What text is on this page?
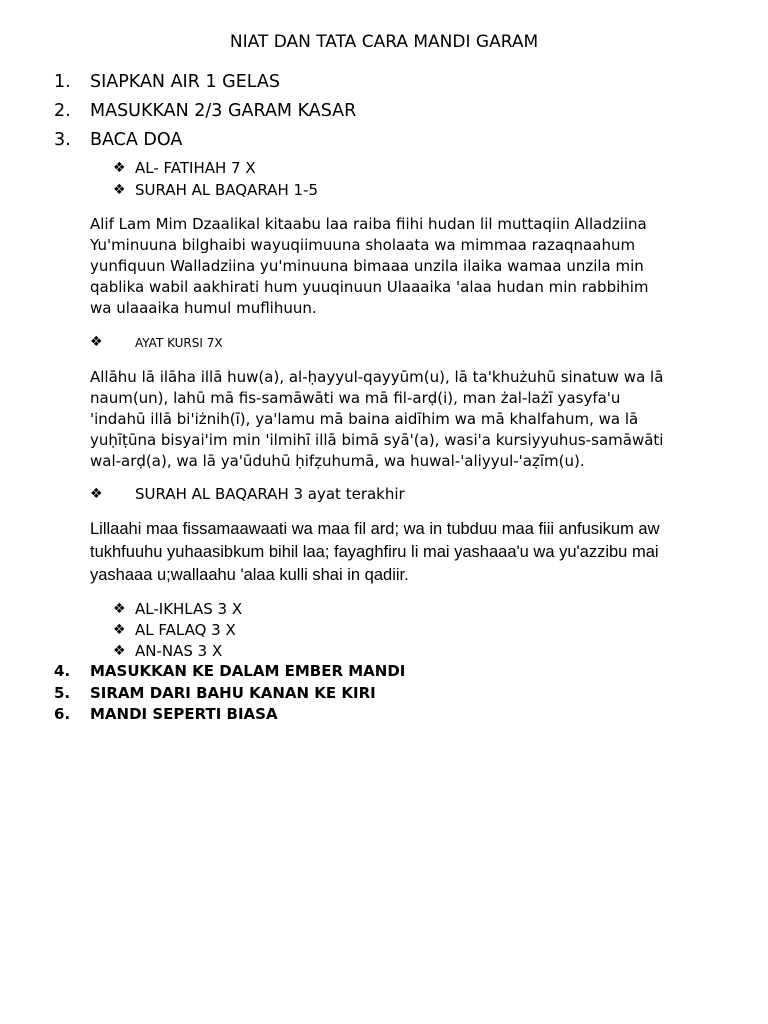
NIAT DAN TATA CARA MANDI GARAM
1.	SIAPKAN AIR 1 GELAS
2.	MASUKKAN 2/3 GARAM KASAR
3.	BACA DOA
❖ AL- FATIHAH 7 X
❖ SURAH AL BAQARAH 1-5
Alif Lam Mim Dzaalikal kitaabu laa raiba fiihi hudan lil muttaqiin Alladziina
Yu'minuuna bilghaibi wayuqiimuuna sholaata wa mimmaa razaqnaahum
yunfiquun Walladziina yu'minuuna bimaaa unzila ilaika wamaa unzila min
qablika wabil aakhirati hum yuuqinuun Ulaaaika 'alaa hudan min rabbihim
wa ulaaaika humul muflihuun.
❖	AYAT KURSI 7X
Allāhu lā ilāha illā huw(a), al-ḥayyul-qayyūm(u), lā ta'khużuhū sinatuw wa lā
naum(un), lahū mā fis-samāwāti wa mā fil-arḍ(i), man żal-lażī yasyfa'u
'indahū illā bi'iżnih(ī), ya'lamu mā baina aidīhim wa mā khalfahum, wa lā
yuḥīṭūna bisyai'im min 'ilmihī illā bimā syā'(a), wasi'a kursiyyuhus-samāwāti
wal-arḍ(a), wa lā ya'ūduhū ḥifẓuhumā, wa huwal-'aliyyul-'aẓīm(u).
❖ SURAH AL BAQARAH 3 ayat terakhir
Lillaahi maa fissamaawaati wa maa fil ard; wa in tubduu maa fiii anfusikum aw
tukhfuuhu yuhaasibkum bihil laa; fayaghfiru li mai yashaaa'u wa yu'azzibu mai
yashaaa u;wallaahu 'alaa kulli shai in qadiir.
❖ AL-IKHLAS 3 X
❖ AL FALAQ 3 X
❖ AN-NAS 3 X
4.	MASUKKAN KE DALAM EMBER MANDI
5.	SIRAM DARI BAHU KANAN KE KIRI
6.	MANDI SEPERTI BIASA
